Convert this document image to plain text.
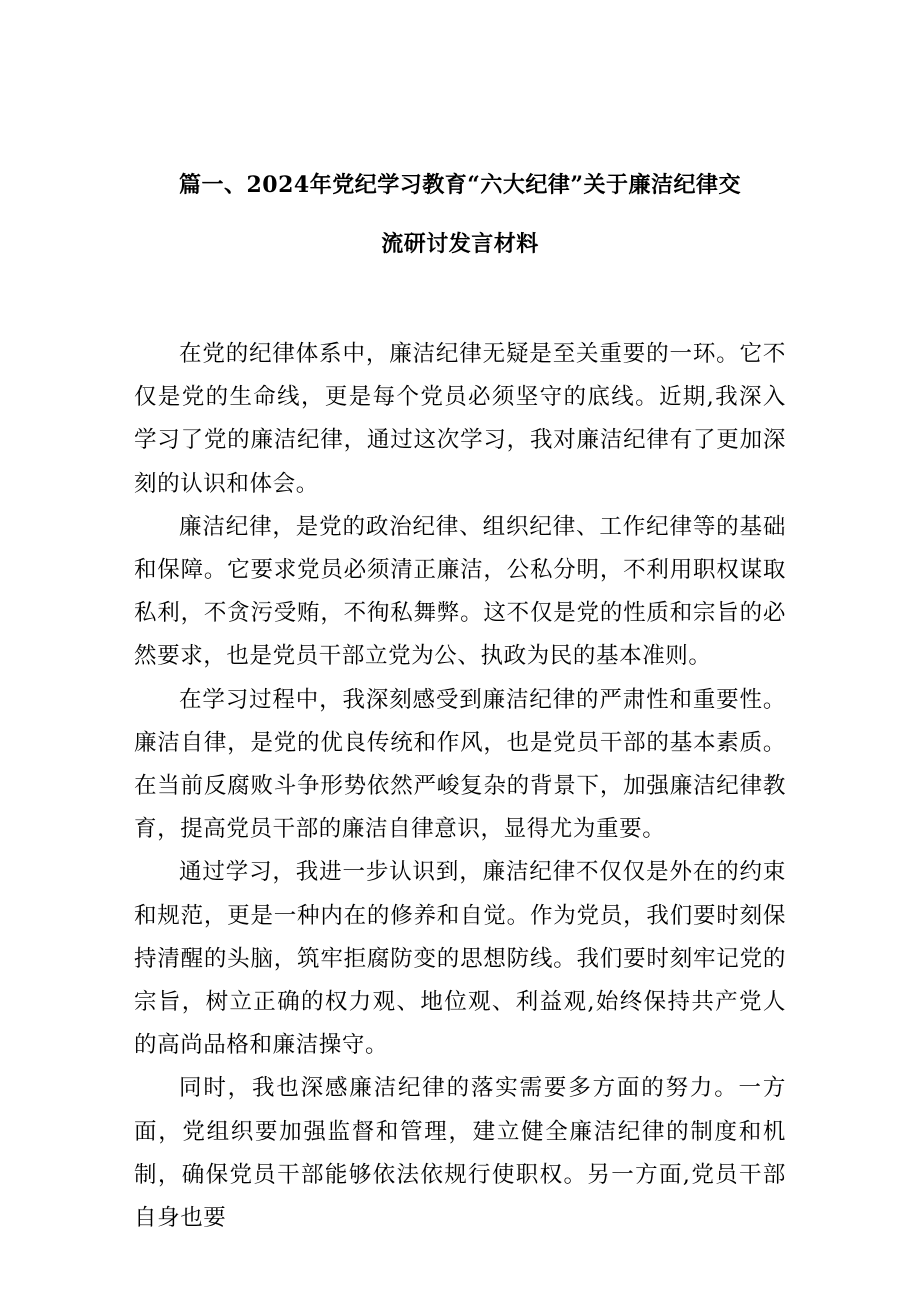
篇一、2024年党纪学习教育“六大纪律”关于廉洁纪律交
流研讨发言材料

在党的纪律体系中，廉洁纪律无疑是至关重要的一环。它不仅是党的生命线，更是每个党员必须坚守的底线。近期,我深入学习了党的廉洁纪律，通过这次学习，我对廉洁纪律有了更加深刻的认识和体会。

廉洁纪律，是党的政治纪律、组织纪律、工作纪律等的基础和保障。它要求党员必须清正廉洁，公私分明，不利用职权谋取私利，不贪污受贿，不徇私舞弊。这不仅是党的性质和宗旨的必然要求，也是党员干部立党为公、执政为民的基本准则。

在学习过程中，我深刻感受到廉洁纪律的严肃性和重要性。廉洁自律，是党的优良传统和作风，也是党员干部的基本素质。在当前反腐败斗争形势依然严峻复杂的背景下，加强廉洁纪律教育，提高党员干部的廉洁自律意识，显得尤为重要。

通过学习，我进一步认识到，廉洁纪律不仅仅是外在的约束和规范，更是一种内在的修养和自觉。作为党员，我们要时刻保持清醒的头脑，筑牢拒腐防变的思想防线。我们要时刻牢记党的宗旨，树立正确的权力观、地位观、利益观,始终保持共产党人的高尚品格和廉洁操守。

同时，我也深感廉洁纪律的落实需要多方面的努力。一方面，党组织要加强监督和管理，建立健全廉洁纪律的制度和机制，确保党员干部能够依法依规行使职权。另一方面,党员干部自身也要
